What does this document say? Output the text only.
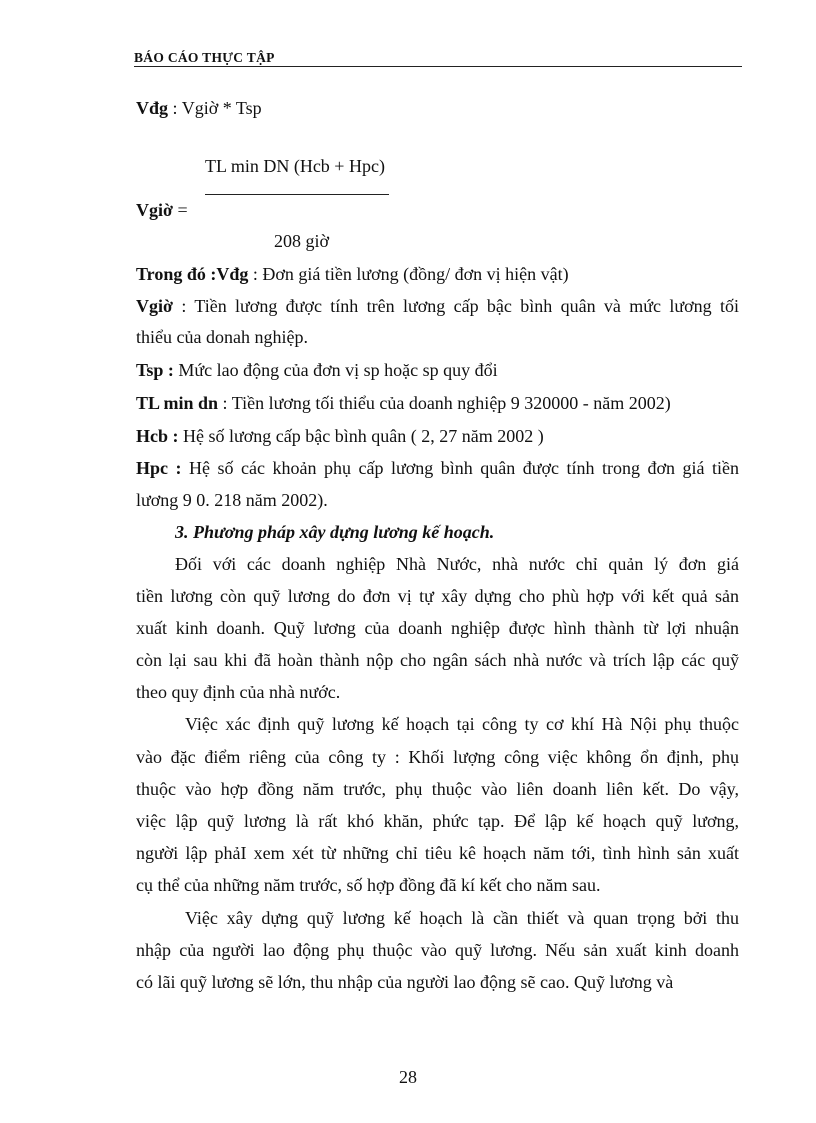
BÁO CÁO THỰC TẬP
Vđg : Vgiờ * Tsp
TL min DN (Hcb + Hpc)
Vgiờ =
208 giờ
Trong đó :Vđg : Đơn giá tiền lương (đồng/ đơn vị hiện vật)
Vgiờ : Tiền lương được tính trên lương cấp bậc bình quân và mức lương tối
thiểu của donah nghiệp.
Tsp : Mức lao động của đơn vị sp hoặc sp quy đổi
TL min dn : Tiền lương tối thiểu của doanh nghiệp 9 320000 - năm 2002)
Hcb : Hệ số lương cấp bậc bình quân ( 2, 27 năm 2002 )
Hpc : Hệ số các khoản phụ cấp lương bình quân được tính trong đơn giá tiền
lương 9 0. 218 năm 2002).
3. Phương pháp xây dựng lương kế hoạch.
Đối với các doanh nghiệp Nhà Nước, nhà nước chỉ quản lý đơn giá
tiền lương còn quỹ lương do đơn vị tự xây dựng cho phù hợp với kết quả sản
xuất kinh doanh. Quỹ lương của doanh nghiệp được hình thành từ lợi nhuận
còn lại sau khi đã hoàn thành nộp cho ngân sách nhà nước và trích lập các quỹ
theo quy định của nhà nước.
Việc xác định quỹ lương kế hoạch tại công ty cơ khí Hà Nội phụ thuộc
vào đặc điểm riêng của công ty : Khối lượng công việc không ổn định, phụ
thuộc vào hợp đồng năm trước, phụ thuộc vào liên doanh liên kết. Do vậy,
việc lập quỹ lương là rất khó khăn, phức tạp. Để lập kế hoạch quỹ lương,
người lập phảI xem xét từ những chỉ tiêu kê hoạch năm tới, tình hình sản xuất
cụ thể của những năm trước, số hợp đồng đã kí kết cho năm sau.
Việc xây dựng quỹ lương kế hoạch là cần thiết và quan trọng bởi thu
nhập của người lao động phụ thuộc vào quỹ lương. Nếu sản xuất kinh doanh
có lãi quỹ lương sẽ lớn, thu nhập của người lao động sẽ cao. Quỹ lương và
28
